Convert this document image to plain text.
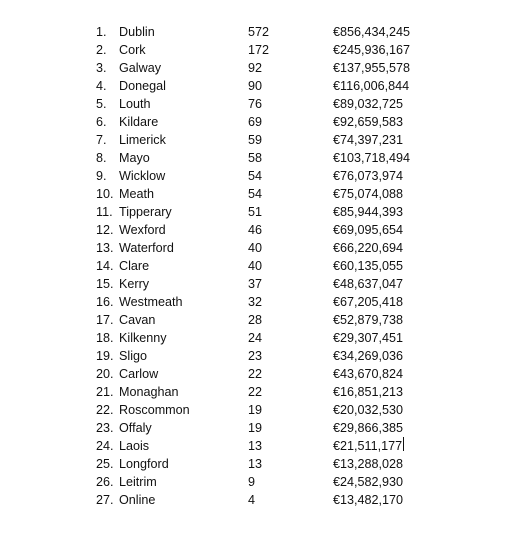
1. Dublin	572	€856,434,245
2. Cork	172	€245,936,167
3. Galway	92	€137,955,578
4. Donegal	90	€116,006,844
5. Louth	76	€89,032,725
6. Kildare	69	€92,659,583
7. Limerick	59	€74,397,231
8. Mayo	58	€103,718,494
9. Wicklow	54	€76,073,974
10. Meath	54	€75,074,088
11. Tipperary	51	€85,944,393
12. Wexford	46	€69,095,654
13. Waterford	40	€66,220,694
14. Clare	40	€60,135,055
15. Kerry	37	€48,637,047
16. Westmeath	32	€67,205,418
17. Cavan	28	€52,879,738
18. Kilkenny	24	€29,307,451
19. Sligo	23	€34,269,036
20. Carlow	22	€43,670,824
21. Monaghan	22	€16,851,213
22. Roscommon	19	€20,032,530
23. Offaly	19	€29,866,385
24. Laois	13	€21,511,177
25. Longford	13	€13,288,028
26. Leitrim	9	€24,582,930
27. Online	4	€13,482,170
